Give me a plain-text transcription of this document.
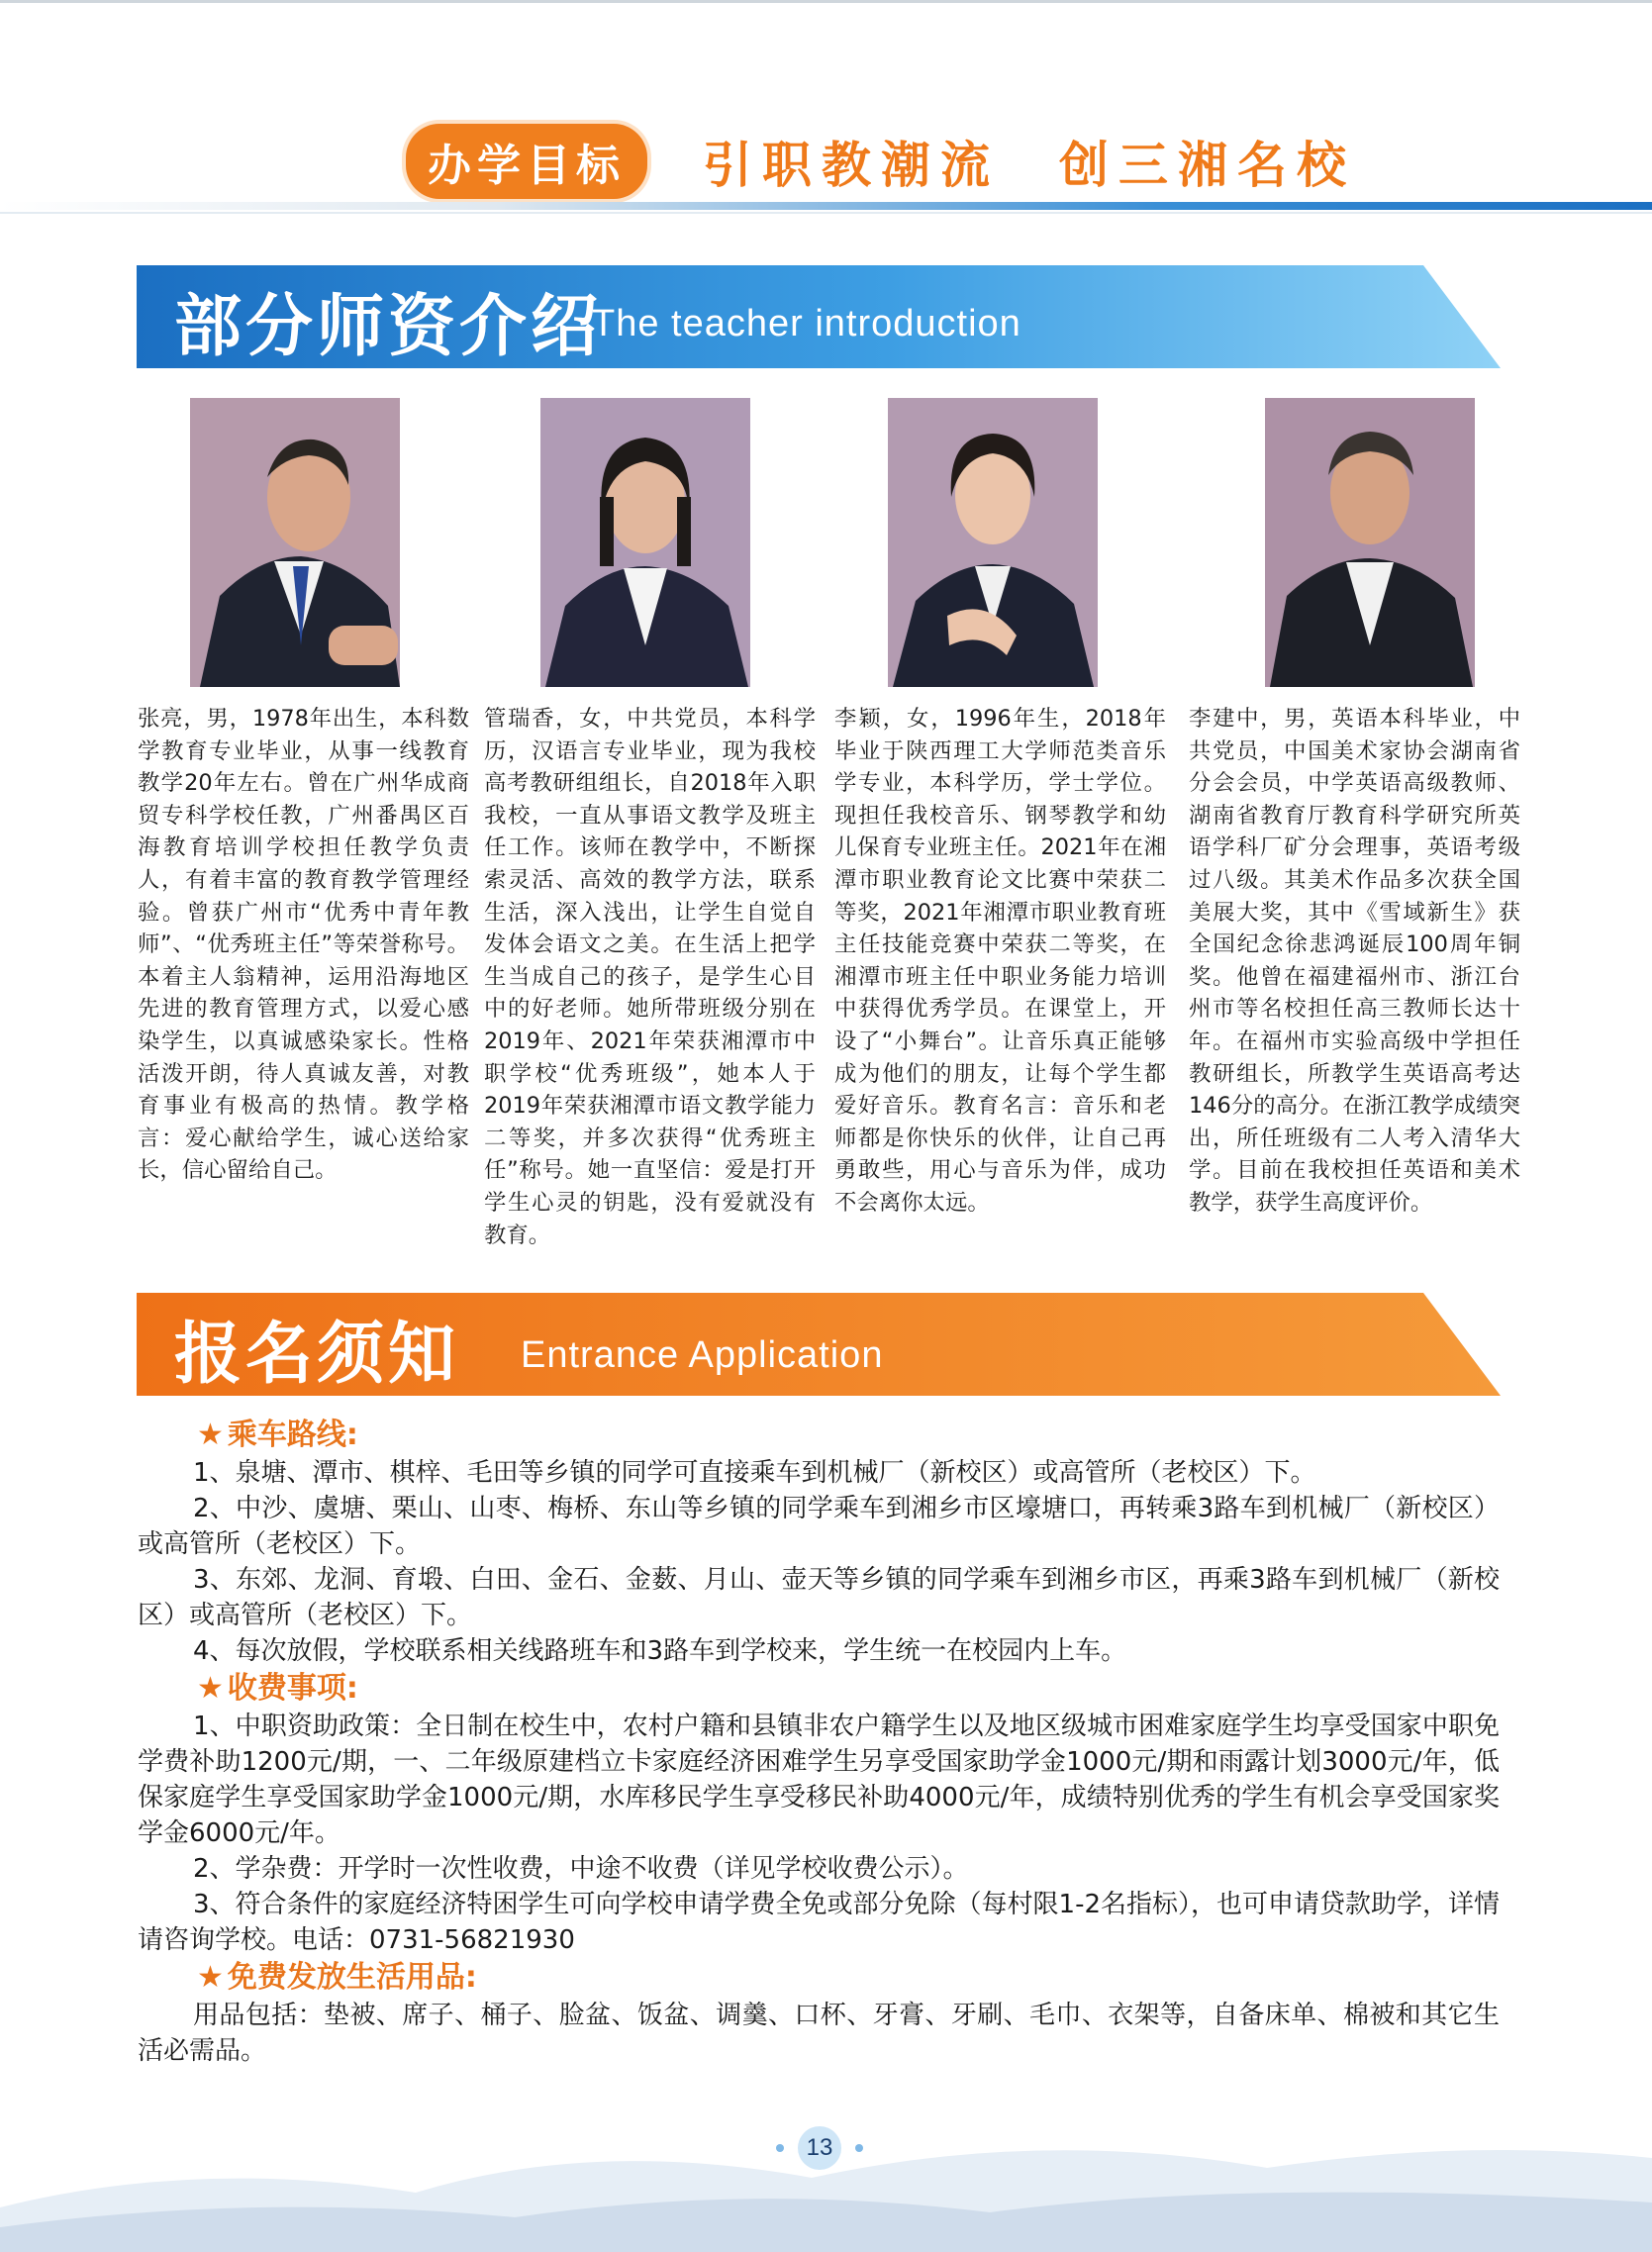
办学目标	引职教潮流　创三湘名校
部分师资介绍
The teacher introduction
张亮，男，1978年出生，本科数学教育专业毕业，从事一线教育教学20年左右。曾在广州华成商贸专科学校任教，广州番禺区百海教育培训学校担任教学负责人，有着丰富的教育教学管理经验。曾获广州市“优秀中青年教师”、“优秀班主任”等荣誉称号。本着主人翁精神，运用沿海地区先进的教育管理方式，以爱心感染学生，以真诚感染家长。性格活泼开朗，待人真诚友善，对教育事业有极高的热情。教学格言：爱心献给学生，诚心送给家长，信心留给自己。
管瑞香，女，中共党员，本科学历，汉语言专业毕业，现为我校高考教研组组长，自2018年入职我校，一直从事语文教学及班主任工作。该师在教学中，不断探索灵活、高效的教学方法，联系生活，深入浅出，让学生自觉自发体会语文之美。在生活上把学生当成自己的孩子，是学生心目中的好老师。她所带班级分别在2019年、2021年荣获湘潭市中职学校“优秀班级”，她本人于2019年荣获湘潭市语文教学能力二等奖，并多次获得“优秀班主任”称号。她一直坚信：爱是打开学生心灵的钥匙，没有爱就没有教育。
李颖，女，1996年生，2018年毕业于陕西理工大学师范类音乐学专业，本科学历，学士学位。现担任我校音乐、钢琴教学和幼儿保育专业班主任。2021年在湘潭市职业教育论文比赛中荣获二等奖，2021年湘潭市职业教育班主任技能竞赛中荣获二等奖，在湘潭市班主任中职业务能力培训中获得优秀学员。在课堂上，开设了“小舞台”。让音乐真正能够成为他们的朋友，让每个学生都爱好音乐。教育名言：音乐和老师都是你快乐的伙伴，让自己再勇敢些，用心与音乐为伴，成功不会离你太远。
李建中，男，英语本科毕业，中共党员，中国美术家协会湖南省分会会员，中学英语高级教师、湖南省教育厅教育科学研究所英语学科厂矿分会理事，英语考级过八级。其美术作品多次获全国美展大奖，其中《雪域新生》获全国纪念徐悲鸿诞辰100周年铜奖。他曾在福建福州市、浙江台州市等名校担任高三教师长达十年。在福州市实验高级中学担任教研组长，所教学生英语高考达146分的高分。在浙江教学成绩突出，所任班级有二人考入清华大学。目前在我校担任英语和美术教学，获学生高度评价。
报名须知 Entrance Application
★ 乘车路线:
1、泉塘、潭市、棋梓、毛田等乡镇的同学可直接乘车到机械厂（新校区）或高管所（老校区）下。
2、中沙、虞塘、栗山、山枣、梅桥、东山等乡镇的同学乘车到湘乡市区壕塘口，再转乘3路车到机械厂（新校区）或高管所（老校区）下。
3、东郊、龙洞、育塅、白田、金石、金薮、月山、壶天等乡镇的同学乘车到湘乡市区，再乘3路车到机械厂（新校区）或高管所（老校区）下。
4、每次放假，学校联系相关线路班车和3路车到学校来，学生统一在校园内上车。
★ 收费事项:
1、中职资助政策：全日制在校生中，农村户籍和县镇非农户籍学生以及地区级城市困难家庭学生均享受国家中职免学费补助1200元/期，一、二年级原建档立卡家庭经济困难学生另享受国家助学金1000元/期和雨露计划3000元/年，低保家庭学生享受国家助学金1000元/期，水库移民学生享受移民补助4000元/年，成绩特别优秀的学生有机会享受国家奖学金6000元/年。
2、学杂费：开学时一次性收费，中途不收费（详见学校收费公示）。
3、符合条件的家庭经济特困学生可向学校申请学费全免或部分免除（每村限1-2名指标），也可申请贷款助学，详情请咨询学校。电话：0731-56821930
★ 免费发放生活用品:
用品包括：垫被、席子、桶子、脸盆、饭盆、调羹、口杯、牙膏、牙刷、毛巾、衣架等，自备床单、棉被和其它生活必需品。
13
